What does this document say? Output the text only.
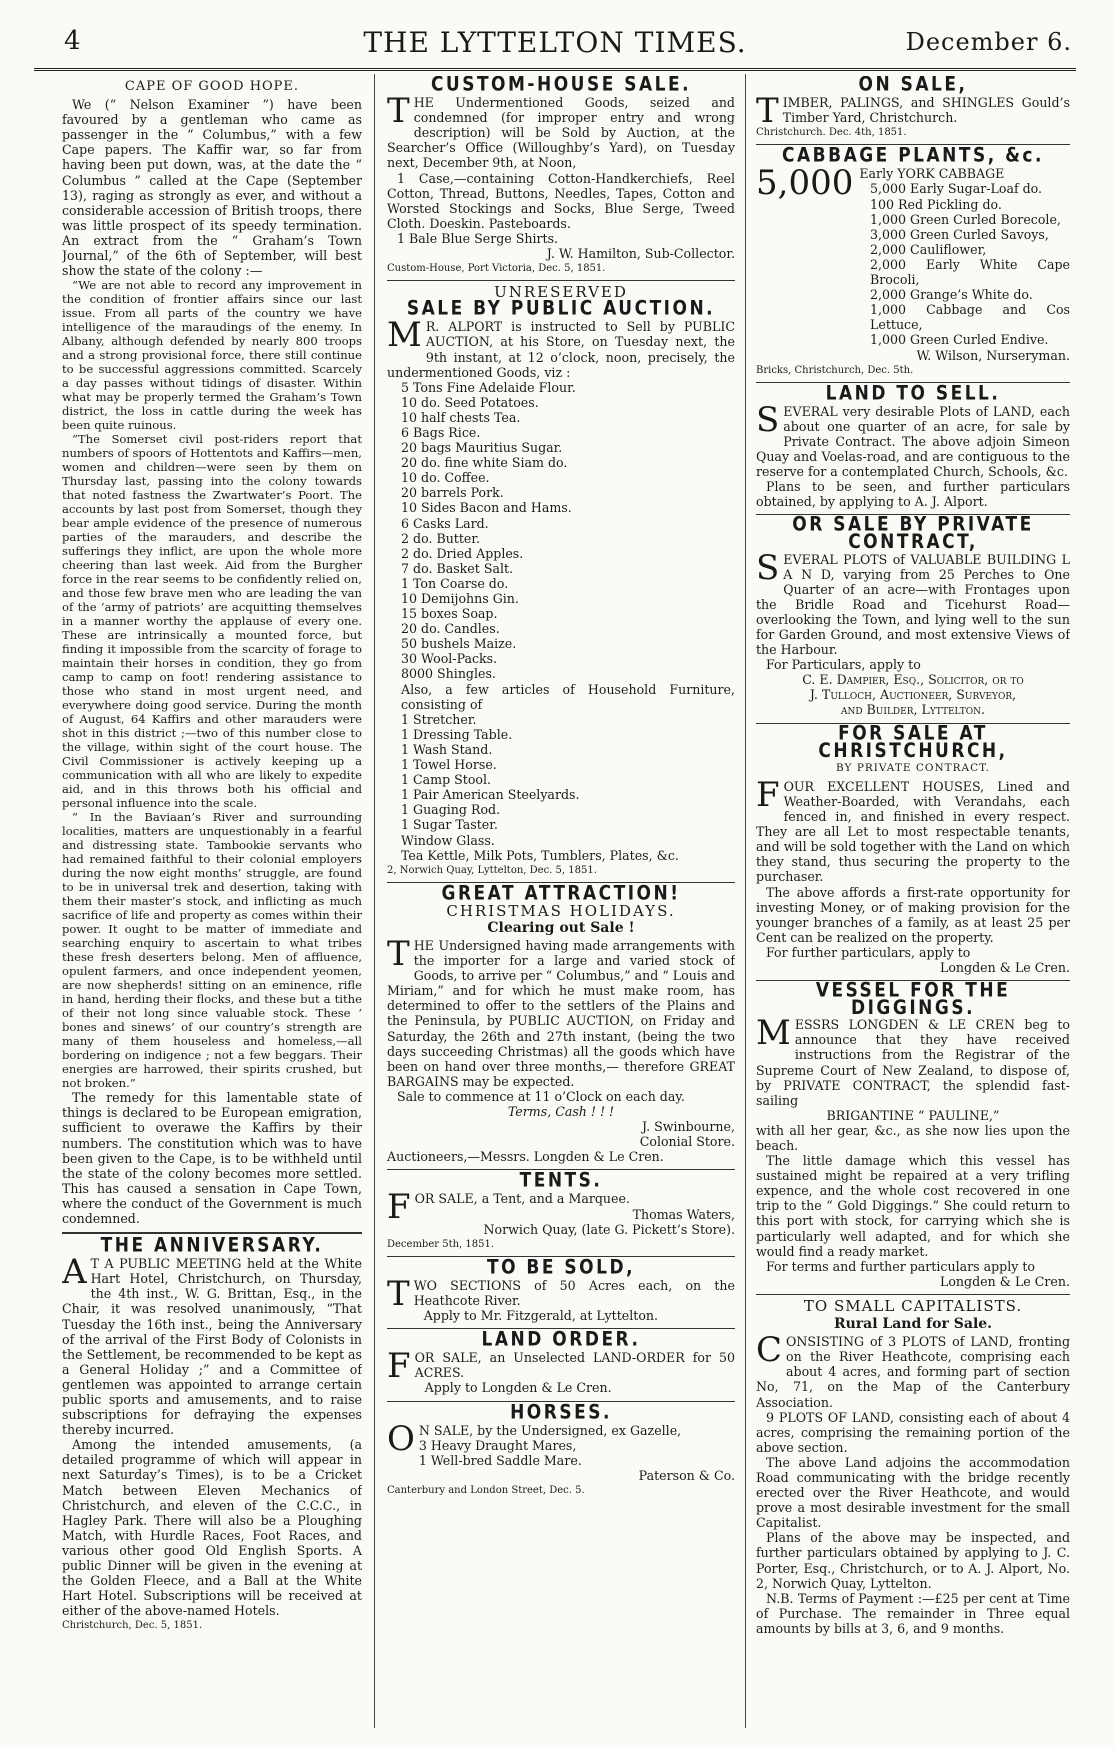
4	THE LYTTELTON TIMES.	December 6.
CAPE OF GOOD HOPE.

We (“ Nelson Examiner ”) have been favoured by a gentleman who came as passenger in the “ Columbus,” with a few Cape papers. The Kaffir war, so far from having been put down, was, at the date the “ Columbus ” called at the Cape (September 13), raging as strongly as ever, and without a considerable accession of British troops, there was little prospect of its speedy termination. An extract from the “ Graham’s Town Journal,” of the 6th of September, will best show the state of the colony :—

“We are not able to record any improvement in the condition of frontier affairs since our last issue. From all parts of the country we have intelligence of the maraudings of the enemy. In Albany, although defended by nearly 800 troops and a strong provisional force, there still continue to be successful aggressions committed. Scarcely a day passes without tidings of disaster. Within what may be properly termed the Graham’s Town district, the loss in cattle during the week has been quite ruinous.

“The Somerset civil post-riders report that numbers of spoors of Hottentots and Kaffirs—men, women and children—were seen by them on Thursday last, passing into the colony towards that noted fastness the Zwartwater’s Poort. The accounts by last post from Somerset, though they bear ample evidence of the presence of numerous parties of the marauders, and describe the sufferings they inflict, are upon the whole more cheering than last week. Aid from the Burgher force in the rear seems to be confidently relied on, and those few brave men who are leading the van of the ‘army of patriots’ are acquitting themselves in a manner worthy the applause of every one. These are intrinsically a mounted force, but finding it impossible from the scarcity of forage to maintain their horses in condition, they go from camp to camp on foot! rendering assistance to those who stand in most urgent need, and everywhere doing good service. During the month of August, 64 Kaffirs and other marauders were shot in this district ;—two of this number close to the village, within sight of the court house. The Civil Commissioner is actively keeping up a communication with all who are likely to expedite aid, and in this throws both his official and personal influence into the scale.

“ In the Baviaan’s River and surrounding localities, matters are unquestionably in a fearful and distressing state. Tambookie servants who had remained faithful to their colonial employers during the now eight months’ struggle, are found to be in universal trek and desertion, taking with them their master’s stock, and inflicting as much sacrifice of life and property as comes within their power. It ought to be matter of immediate and searching enquiry to ascertain to what tribes these fresh deserters belong. Men of affluence, opulent farmers, and once independent yeomen, are now shepherds! sitting on an eminence, rifle in hand, herding their flocks, and these but a tithe of their not long since valuable stock. These ‘ bones and sinews’ of our country’s strength are many of them houseless and homeless,—all bordering on indigence ; not a few beggars. Their energies are harrowed, their spirits crushed, but not broken.”

The remedy for this lamentable state of things is declared to be European emigration, sufficient to overawe the Kaffirs by their numbers. The constitution which was to have been given to the Cape, is to be withheld until the state of the colony becomes more settled. This has caused a sensation in Cape Town, where the conduct of the Government is much condemned.

THE ANNIVERSARY.

A T A PUBLIC MEETING held at the White Hart Hotel, Christchurch, on Thursday, the 4th inst., W. G. Brittan, Esq., in the Chair, it was resolved unanimously, “That Tuesday the 16th inst., being the Anniversary of the arrival of the First Body of Colonists in the Settlement, be recommended to be kept as a General Holiday ;” and a Committee of gentlemen was appointed to arrange certain public sports and amusements, and to raise subscriptions for defraying the expenses thereby incurred.

Among the intended amusements, (a detailed programme of which will appear in next Saturday’s Times), is to be a Cricket Match between Eleven Mechanics of Christchurch, and eleven of the C.C.C., in Hagley Park. There will also be a Ploughing Match, with Hurdle Races, Foot Races, and various other good Old English Sports. A public Dinner will be given in the evening at the Golden Fleece, and a Ball at the White Hart Hotel. Subscriptions will be received at either of the above-named Hotels.

Christchurch, Dec. 5, 1851.
CUSTOM-HOUSE SALE.

THE Undermentioned Goods, seized and condemned (for improper entry and wrong description) will be Sold by Auction, at the Searcher’s Office (Willoughby’s Yard), on Tuesday next, December 9th, at Noon,

1 Case,—containing Cotton-Handkerchiefs, Reel Cotton, Thread, Buttons, Needles, Tapes, Cotton and Worsted Stockings and Socks, Blue Serge, Tweed Cloth. Doeskin. Pasteboards.

1 Bale Blue Serge Shirts.

J. W. Hamilton, Sub-Collector.
Custom-House, Port Victoria, Dec. 5, 1851.
UNRESERVED
SALE BY PUBLIC AUCTION.

M R. ALPORT is instructed to Sell by PUBLIC AUCTION, at his Store, on Tuesday next, the 9th instant, at 12 o’clock, noon, precisely, the undermentioned Goods, viz :

5 Tons Fine Adelaide Flour.
10 do. Seed Potatoes.
10 half chests Tea.
6 Bags Rice.
20 bags Mauritius Sugar.
20 do. fine white Siam do.
10 do. Coffee.
20 barrels Pork.
10 Sides Bacon and Hams.
6 Casks Lard.
2 do. Butter.
2 do. Dried Apples.
7 do. Basket Salt.
1 Ton Coarse do.
10 Demijohns Gin.
15 boxes Soap.
20 do. Candles.
50 bushels Maize.
30 Wool-Packs.
8000 Shingles.
Also, a few articles of Household Furniture, consisting of
1 Stretcher.
1 Dressing Table.
1 Wash Stand.
1 Towel Horse.
1 Camp Stool.
1 Pair American Steelyards.
1 Guaging Rod.
1 Sugar Taster.
Window Glass.
Tea Kettle, Milk Pots, Tumblers, Plates, &c.
2, Norwich Quay, Lyttelton, Dec. 5, 1851.
GREAT ATTRACTION!
CHRISTMAS HOLIDAYS.
Clearing out Sale !

THE Undersigned having made arrangements with the importer for a large and varied stock of Goods, to arrive per “ Columbus,” and “ Louis and Miriam,” and for which he must make room, has determined to offer to the settlers of the Plains and the Peninsula, by PUBLIC AUCTION, on Friday and Saturday, the 26th and 27th instant, (being the two days succeeding Christmas) all the goods which have been on hand over three months,— therefore GREAT BARGAINS may be expected.

Sale to commence at 11 o’Clock on each day.

Terms, Cash ! ! !
J. Swinbourne,
Colonial Store.
Auctioneers,—Messrs. Longden & Le Cren.
TENTS.

FOR SALE, a Tent, and a Marquee.

Thomas Waters,
Norwich Quay, (late G. Pickett’s Store).
December 5th, 1851.
TO BE SOLD,

TWO SECTIONS of 50 Acres each, on the Heathcote River.

Apply to Mr. Fitzgerald, at Lyttelton.

LAND ORDER.

FOR SALE, an Unselected LAND-ORDER for 50 ACRES.

Apply to Longden & Le Cren.

HORSES.

O N SALE, by the Undersigned, ex Gazelle,

3 Heavy Draught Mares,
1 Well-bred Saddle Mare.
Paterson & Co.
Canterbury and London Street, Dec. 5.
ON SALE,

TIMBER, PALINGS, and SHINGLES Gould’s Timber Yard, Christchurch.

Christchurch. Dec. 4th, 1851.
CABBAGE PLANTS, &c.
5,000 Early YORK CABBAGE
5,000 Early Sugar-Loaf do.
100 Red Pickling do.
1,000 Green Curled Borecole,
3,000 Green Curled Savoys,
2,000 Cauliflower,
2,000 Early White Cape Brocoli,
2,000 Grange’s White do.
1,000 Cabbage and Cos Lettuce,
1,000 Green Curled Endive.
W. Wilson, Nurseryman.
Bricks, Christchurch, Dec. 5th.
LAND TO SELL.

SEVERAL very desirable Plots of LAND, each about one quarter of an acre, for sale by Private Contract. The above adjoin Simeon Quay and Voelas-road, and are contiguous to the reserve for a contemplated Church, Schools, &c.

Plans to be seen, and further particulars obtained, by applying to A. J. Alport.

OR SALE BY PRIVATE CONTRACT,

SEVERAL PLOTS of VALUABLE BUILDING L A N D, varying from 25 Perches to One Quarter of an acre—with Frontages upon the Bridle Road and Ticehurst Road—overlooking the Town, and lying well to the sun for Garden Ground, and most extensive Views of the Harbour.

For Particulars, apply to

C. E. Dampier, Esq., Solicitor, or to
J. Tulloch, Auctioneer, Surveyor,
and Builder, Lyttelton.
FOR SALE AT CHRISTCHURCH,
BY PRIVATE CONTRACT.

FOUR EXCELLENT HOUSES, Lined and Weather-Boarded, with Verandahs, each fenced in, and finished in every respect. They are all Let to most respectable tenants, and will be sold together with the Land on which they stand, thus securing the property to the purchaser.

The above affords a first-rate opportunity for investing Money, or of making provision for the younger branches of a family, as at least 25 per Cent can be realized on the property.

For further particulars, apply to

Longden & Le Cren.
VESSEL FOR THE DIGGINGS.

MESSRS LONGDEN & LE CREN beg to announce that they have received instructions from the Registrar of the Supreme Court of New Zealand, to dispose of, by PRIVATE CONTRACT, the splendid fast-sailing

BRIGANTINE “ PAULINE,”

with all her gear, &c., as she now lies upon the beach.

The little damage which this vessel has sustained might be repaired at a very trifling expence, and the whole cost recovered in one trip to the “ Gold Diggings.” She could return to this port with stock, for carrying which she is particularly well adapted, and for which she would find a ready market.

For terms and further particulars apply to

Longden & Le Cren.
TO SMALL CAPITALISTS.
Rural Land for Sale.

CONSISTING of 3 PLOTS of LAND, fronting on the River Heathcote, comprising each about 4 acres, and forming part of section No, 71, on the Map of the Canterbury Association.

9 PLOTS OF LAND, consisting each of about 4 acres, comprising the remaining portion of the above section.

The above Land adjoins the accommodation Road communicating with the bridge recently erected over the River Heathcote, and would prove a most desirable investment for the small Capitalist.

Plans of the above may be inspected, and further particulars obtained by applying to J. C. Porter, Esq., Christchurch, or to A. J. Alport, No. 2, Norwich Quay, Lyttelton.

N.B. Terms of Payment :—£25 per cent at Time of Purchase. The remainder in Three equal amounts by bills at 3, 6, and 9 months.
